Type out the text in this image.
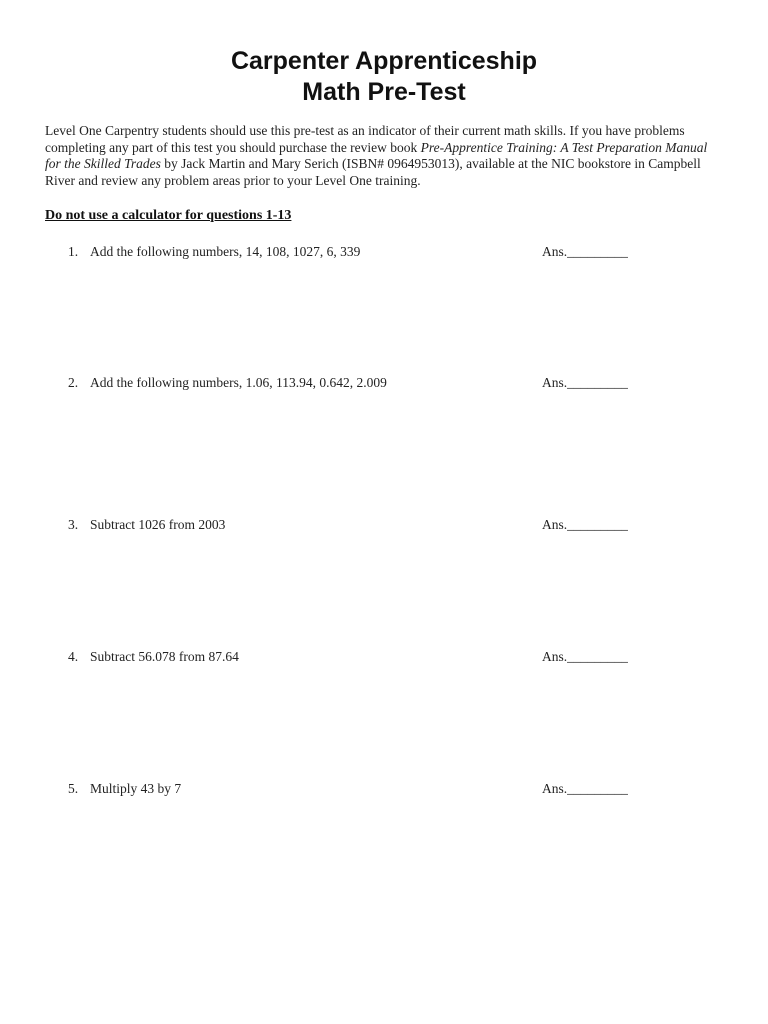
Carpenter Apprenticeship
Math Pre-Test

Level One Carpentry students should use this pre-test as an indicator of their current math skills. If you have problems completing any part of this test you should purchase the review book Pre-Apprentice Training: A Test Preparation Manual for the Skilled Trades by Jack Martin and Mary Serich (ISBN# 0964953013), available at the NIC bookstore in Campbell River and review any problem areas prior to your Level One training.

Do not use a calculator for questions 1-13
1. Add the following numbers, 14, 108, 1027, 6, 339	Ans._________
2. Add the following numbers, 1.06, 113.94, 0.642, 2.009	Ans._________
3. Subtract 1026 from 2003	Ans._________
4. Subtract 56.078 from 87.64	Ans._________
5. Multiply 43 by 7	Ans._________
